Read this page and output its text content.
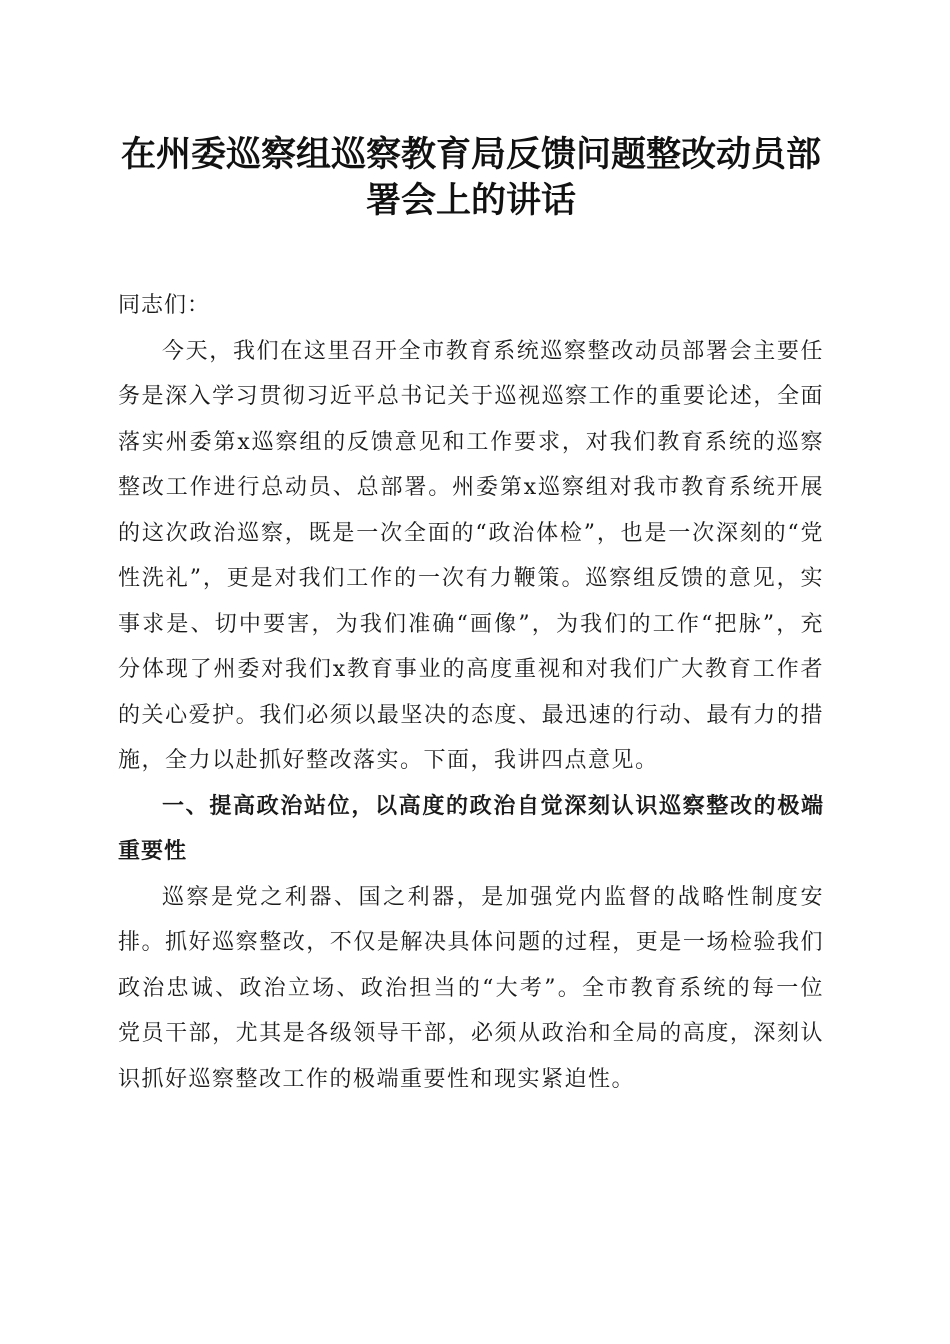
在州委巡察组巡察教育局反馈问题整改动员部署会上的讲话

同志们：

今天，我们在这里召开全市教育系统巡察整改动员部署会主要任务是深入学习贯彻习近平总书记关于巡视巡察工作的重要论述，全面落实州委第x巡察组的反馈意见和工作要求，对我们教育系统的巡察整改工作进行总动员、总部署。州委第x巡察组对我市教育系统开展的这次政治巡察，既是一次全面的“政治体检”，也是一次深刻的“党性洗礼”，更是对我们工作的一次有力鞭策。巡察组反馈的意见，实事求是、切中要害，为我们准确“画像”，为我们的工作“把脉”，充分体现了州委对我们x教育事业的高度重视和对我们广大教育工作者的关心爱护。我们必须以最坚决的态度、最迅速的行动、最有力的措施，全力以赴抓好整改落实。下面，我讲四点意见。

一、提高政治站位，以高度的政治自觉深刻认识巡察整改的极端重要性

巡察是党之利器、国之利器，是加强党内监督的战略性制度安排。抓好巡察整改，不仅是解决具体问题的过程，更是一场检验我们政治忠诚、政治立场、政治担当的“大考”。全市教育系统的每一位党员干部，尤其是各级领导干部，必须从政治和全局的高度，深刻认识抓好巡察整改工作的极端重要性和现实紧迫性。
